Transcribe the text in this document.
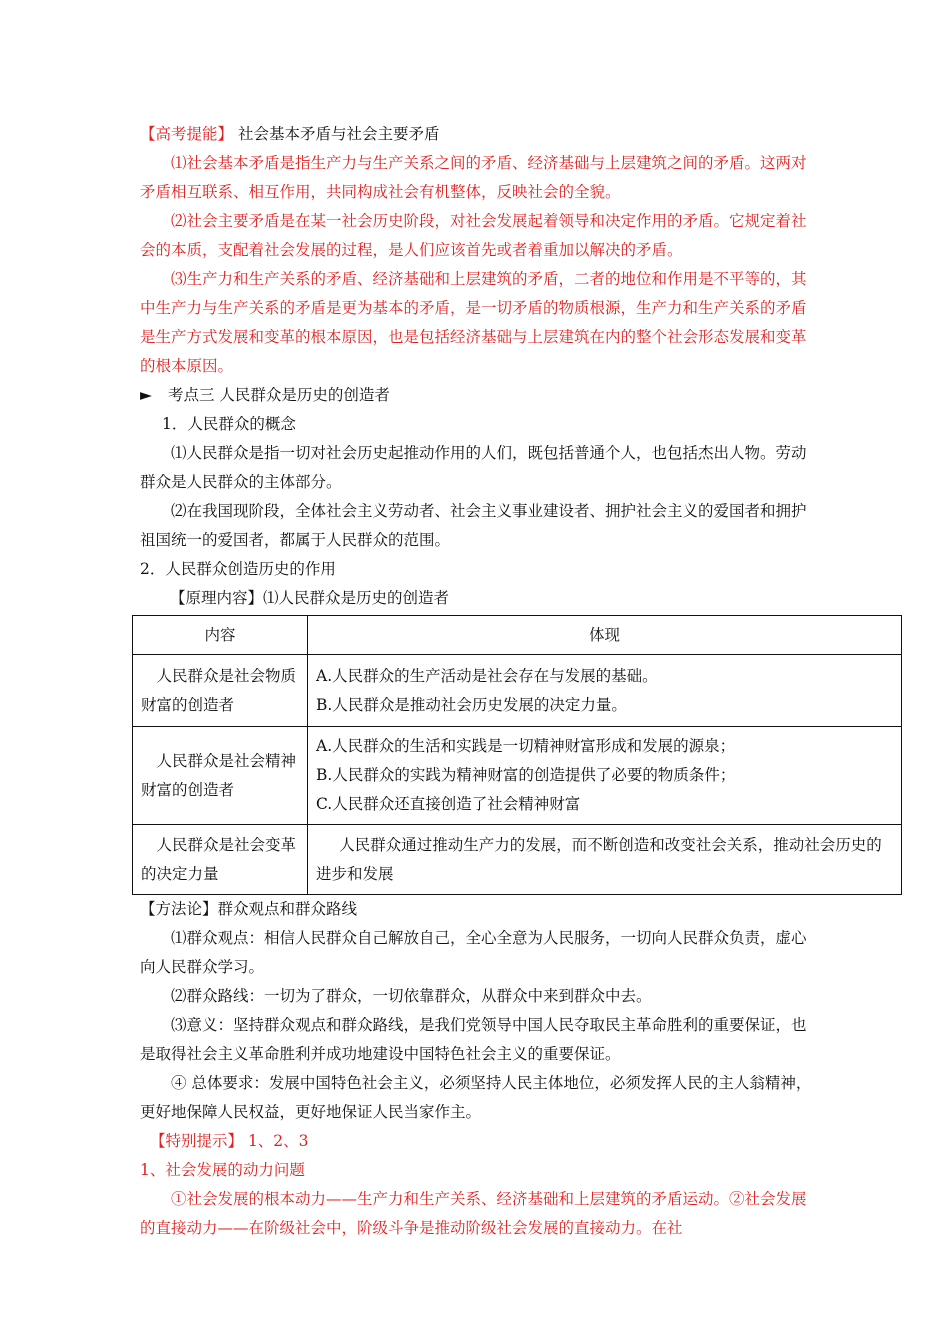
【高考提能】 社会基本矛盾与社会主要矛盾
⑴社会基本矛盾是指生产力与生产关系之间的矛盾、经济基础与上层建筑之间的矛盾。这两对矛盾相互联系、相互作用，共同构成社会有机整体，反映社会的全貌。
⑵社会主要矛盾是在某一社会历史阶段，对社会发展起着领导和决定作用的矛盾。它规定着社会的本质，支配着社会发展的过程，是人们应该首先或者着重加以解决的矛盾。
⑶生产力和生产关系的矛盾、经济基础和上层建筑的矛盾，二者的地位和作用是不平等的，其中生产力与生产关系的矛盾是更为基本的矛盾，是一切矛盾的物质根源，生产力和生产关系的矛盾是生产方式发展和变革的根本原因，也是包括经济基础与上层建筑在内的整个社会形态发展和变革的根本原因。
► 考点三 人民群众是历史的创造者
1．人民群众的概念
⑴人民群众是指一切对社会历史起推动作用的人们，既包括普通个人，也包括杰出人物。劳动群众是人民群众的主体部分。
⑵在我国现阶段，全体社会主义劳动者、社会主义事业建设者、拥护社会主义的爱国者和拥护祖国统一的爱国者，都属于人民群众的范围。
2．人民群众创造历史的作用
【原理内容】⑴人民群众是历史的创造者
内容	体现
人民群众是社会物质财富的创造者	A.人民群众的生产活动是社会存在与发展的基础。
B.人民群众是推动社会历史发展的决定力量。

人民群众是社会精神财富的创造者	A.人民群众的生活和实践是一切精神财富形成和发展的源泉；
B.人民群众的实践为精神财富的创造提供了必要的物质条件；
C.人民群众还直接创造了社会精神财富

人民群众是社会变革的决定力量	人民群众通过推动生产力的发展，而不断创造和改变社会关系，推动社会历史的进步和发展
【方法论】群众观点和群众路线
⑴群众观点：相信人民群众自己解放自己，全心全意为人民服务，一切向人民群众负责，虚心向人民群众学习。
⑵群众路线：一切为了群众，一切依靠群众，从群众中来到群众中去。
⑶意义：坚持群众观点和群众路线，是我们党领导中国人民夺取民主革命胜利的重要保证，也是取得社会主义革命胜利并成功地建设中国特色社会主义的重要保证。
④ 总体要求：发展中国特色社会主义，必须坚持人民主体地位，必须发挥人民的主人翁精神，更好地保障人民权益，更好地保证人民当家作主。
【特别提示】 1、2、3
1、社会发展的动力问题
①社会发展的根本动力——生产力和生产关系、经济基础和上层建筑的矛盾运动。②社会发展的直接动力——在阶级社会中，阶级斗争是推动阶级社会发展的直接动力。在社
